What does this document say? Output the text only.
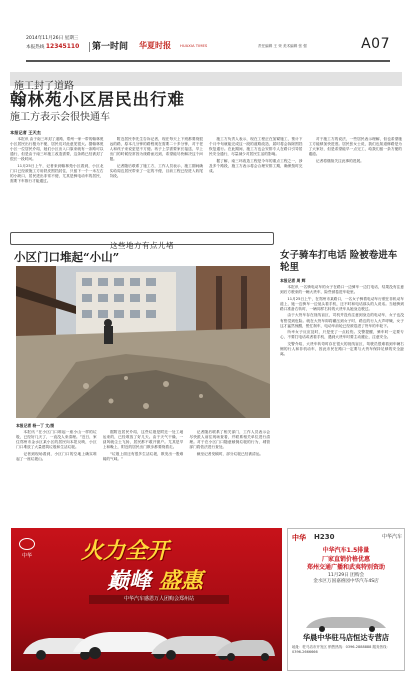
2014年11月26日 星期三
本报热线 12345110 第一时间 华夏时报 HUAXIA TIMES	责任编辑 王 荣 美术编辑 张 强	A07
施工封了道路
翰林苑小区居民出行难
施工方表示会很快通车
本报记者 王天杰

本报讯 由于南三环封了道路，郑州一家一带的翰林苑小区居民出行极为不便，居民们对此意见很大。据翰林苑小区一位居民介绍，她们小区出入口原来就有一条路可以通行，但是由于南三环施工改造需要，这条路已经被封了很长一段时间。

11月25日上午，记者来到翰林苑小区看到，小区北门口已经被施工方用铁皮围挡封住，只留下一个一米左右的小缺口，居民进出非常不便，尤其是骑电动车的居民，需要下车推行才能通过。

附近居民李先生告诉记者，现在每天上下班都要绕很远的路，原本几分钟的路程现在需要二十多分钟，对于老人和孩子来说更是不方便。孩子上学需要家长接送，早上出门的时候经常因为绕路而迟到，希望能尽快解决这个问题。

记者随后联系了施工方，工作人员表示，施工期间确实给周边居民带来了一定的不便，目前工程已经进入收尾阶段。

施工方负责人表示，现在工程正在加紧施工，预计下个月中旬就能完成这一段的道路改造，届时将会拆除围挡恢复通行。在此期间，施工方也会安排专人在路口引导居民安全通行，尽量减少对居民生活的影响。

据了解，南三环改造工程是今年的重点工程之一，涉及多个路段，施工方表示将会合理安排工期，确保按时完成。

对于施工方的说法，一些居民表示理解，但也希望施工方能够加快进度。居民张女士说，我们也知道修路是为了大家好，但是希望能早一点完工，给我们留一条方便的通道。

记者将继续关注此事的进展。

这些地方有点儿堵
小区门口堆起“小山”
本报记者 杨一丁 文/图

本报讯 “在小区门口堆起一座小山一样的垃圾，已经好几天了，一直没人来清理。”近日，家住郑州市金水区某小区的居民向本报反映，小区门口堆放了大量建筑垃圾和生活垃圾。

记者到现场看到，小区门口的空地上确实堆起了一座垃圾山。

据附近居民介绍，这些垃圾是附近一处工地运来的，已经堆放了好几天。由于天气干燥，一刮风就尘土飞扬，居民都不敢开窗户。尤其是早上和晚上，附近的居民出门散步都要绕着走。

“垃圾上面还有很多生活垃圾，散发出一股难闻的气味。”

记者随后联系了相关部门，工作人员表示会尽快派人前往现场查看，并联系相关单位进行清理。对于在小区门口随意倾倒垃圾的行为，城管部门将依法进行查处。

截至记者发稿时，部分垃圾已经被清运。

女子骑车打电话 险被卷进车轮里
本报记者 周 辉

本报讯 一名骑电动车的女子在路口一边骑车一边打电话，结果没有注意到后方驶来的一辆大货车，险些被卷进车轮里。

11月25日上午，在郑州市某路口，一名女子骑着电动车行驶在非机动车道上，她一边骑车一边低头看手机，还不时和电话那头的人说话。当她骑到路口准备右转时，一辆同样右转的大货车从她身边驶过。

由于大货车存在视线盲区，司机并没有注意到身边的电动车，女子也没有察觉到危险。就在大货车即将碾压到女子时，路边的行人大声呼喊，女子这才猛然惊醒，慌忙刹车，电动车前轮已经被卷进了货车的车轮下。

所幸女子反应及时，只是受了一点轻伤。交警提醒，骑车时一定要专心，不要打电话或者看手机，遇到大货车时要主动避让，注意安全。

交警介绍，大货车转弯时存在很大的视线盲区，驾驶员很难看到车辆右侧的行人和非机动车，因此市民在路口一定要与大货车保持足够的安全距离。

中华 火力全开
巅峰 盛惠
中华汽车感恩万人团购会郑州站
中华 H230	中华汽车
中华汽车1.5排量
厂家直销价格优惠
郑州交通广播和武夷特别资助
11月29日 团购会
金水区万国嘉禧园中华汽车4S店
华晨中华驻马店恒达专营店
地址：驻马店市开发区 销售热线：0396-2888888 服务热线：0396-2666666
